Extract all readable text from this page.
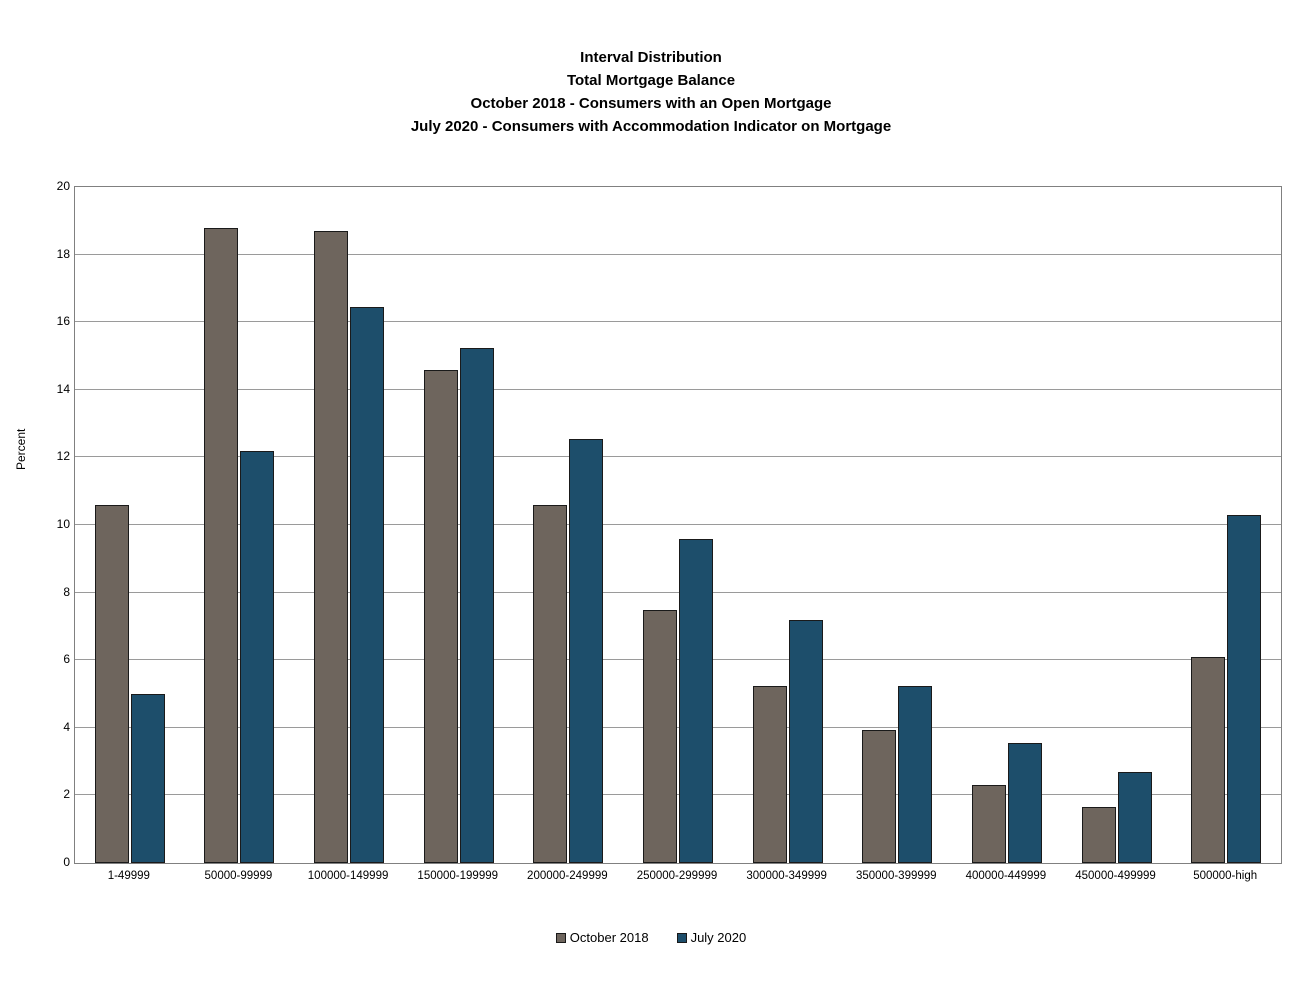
Interval Distribution
Total Mortgage Balance
October 2018 - Consumers with an Open Mortgage
July 2020 - Consumers with Accommodation Indicator on Mortgage
Percent
0
2
4
6
8
10
12
14
16
18
20
1-49999	50000-99999	100000-149999	150000-199999	200000-249999	250000-299999	300000-349999	350000-399999	400000-449999	450000-499999	500000-high
October 2018	July 2020
